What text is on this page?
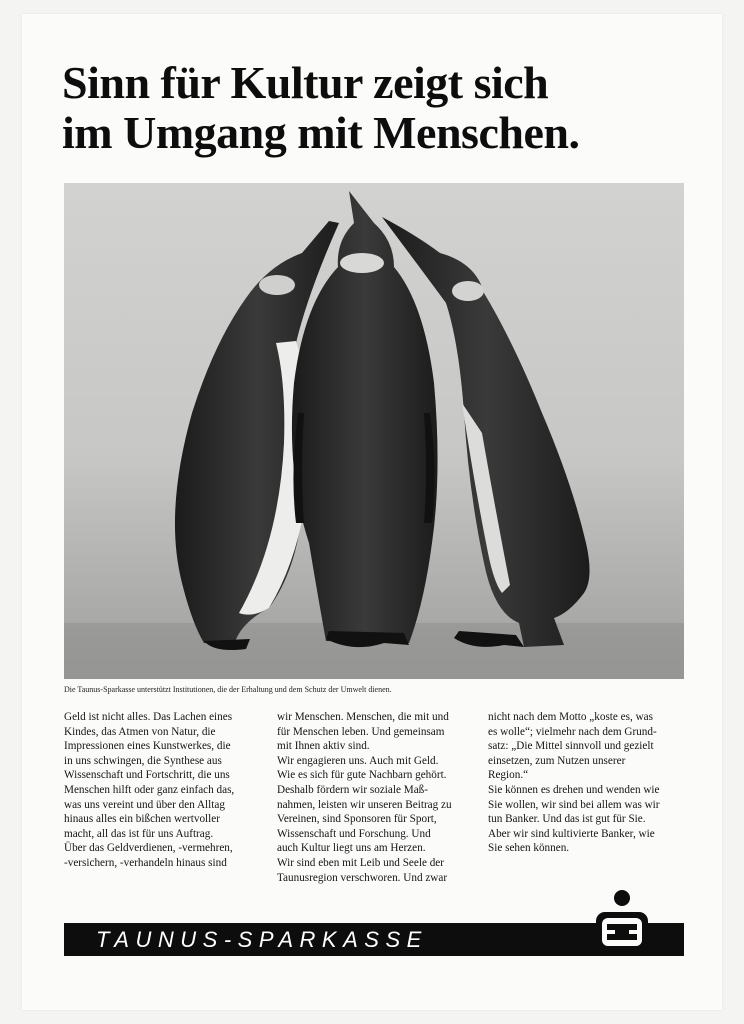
Sinn für Kultur zeigt sich
im Umgang mit Menschen.
Die Taunus-Sparkasse unterstützt Institutionen, die der Erhaltung und dem Schutz der Umwelt dienen.

Geld ist nicht alles. Das Lachen eines

Kindes, das Atmen von Natur, die

Impressionen eines Kunstwerkes, die

in uns schwingen, die Synthese aus

Wissenschaft und Fortschritt, die uns

Menschen hilft oder ganz einfach das,

was uns vereint und über den Alltag

hinaus alles ein bißchen wertvoller

macht, all das ist für uns Auftrag.

Über das Geldverdienen, -vermehren,

-versichern, -verhandeln hinaus sind

wir Menschen. Menschen, die mit und

für Menschen leben. Und gemeinsam

mit Ihnen aktiv sind.

Wir engagieren uns. Auch mit Geld.

Wie es sich für gute Nachbarn gehört.

Deshalb fördern wir soziale Maß-

nahmen, leisten wir unseren Beitrag zu

Vereinen, sind Sponsoren für Sport,

Wissenschaft und Forschung. Und

auch Kultur liegt uns am Herzen.

Wir sind eben mit Leib und Seele der

Taunusregion verschworen. Und zwar

nicht nach dem Motto „koste es, was

es wolle“; vielmehr nach dem Grund-

satz: „Die Mittel sinnvoll und gezielt

einsetzen, zum Nutzen unserer

Region.“

Sie können es drehen und wenden wie

Sie wollen, wir sind bei allem was wir

tun Banker. Und das ist gut für Sie.

Aber wir sind kultivierte Banker, wie

Sie sehen können.

TAUNUS-SPARKASSE
